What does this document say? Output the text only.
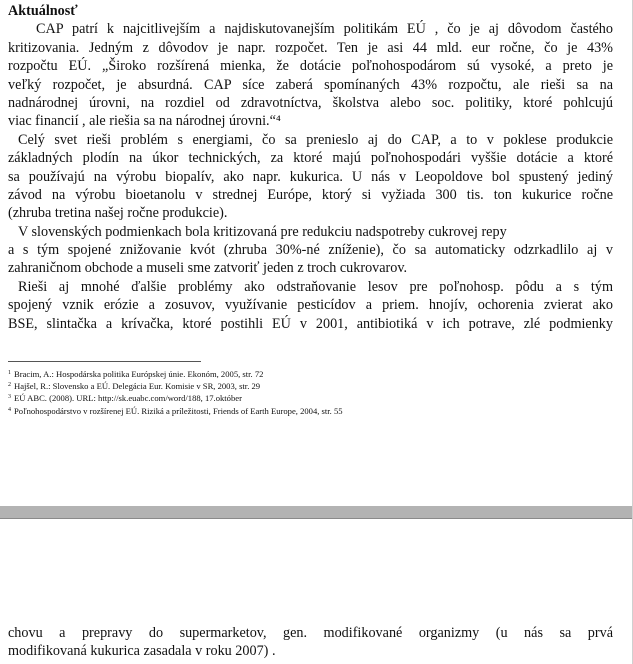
Aktuálnosť
CAP patrí k najcitlivejším a najdiskutovanejším politikám EÚ , čo je aj dôvodom častého
kritizovania. Jedným z dôvodov je napr. rozpočet. Ten je asi 44 mld. eur ročne, čo je 43%
rozpočtu EÚ. „Široko rozšírená mienka, že dotácie poľnohospodárom sú vysoké, a preto je
veľký rozpočet, je absurdná. CAP síce zaberá spomínaných 43% rozpočtu, ale rieši sa na
nadnárodnej úrovni, na rozdiel od zdravotníctva, školstva alebo soc. politiky, ktoré pohlcujú
viac financií , ale riešia sa na národnej úrovni.“⁴
Celý svet rieši problém s energiami, čo sa prenieslo aj do CAP, a to v poklese produkcie
základných plodín na úkor technických, za ktoré majú poľnohospodári vyššie dotácie a ktoré
sa používajú na výrobu biopalív, ako napr. kukurica. U nás v Leopoldove bol spustený jediný
závod na výrobu bioetanolu v strednej Európe, ktorý si vyžiada 300 tis. ton kukurice ročne
(zhruba tretina našej ročne produkcie).
V slovenských podmienkach bola kritizovaná pre redukciu nadspotreby cukrovej repy
a s tým spojené znižovanie kvót (zhruba 30%-né zníženie), čo sa automaticky odzrkadlilo aj v
zahraničnom obchode a museli sme zatvoriť jeden z troch cukrovarov.
Rieši aj mnohé ďalšie problémy ako odstraňovanie lesov pre poľnohosp. pôdu a s tým
spojený vznik erózie a zosuvov, využívanie pesticídov a priem. hnojív, ochorenia zvierat ako
BSE, slintačka a krívačka, ktoré postihli EÚ v 2001, antibiotiká v ich potrave, zlé podmienky
$^1$ Bracim, A.: Hospodárska politika Európskej únie. Ekonóm, 2005, str. 72
$^2$ Hajšel, R.: Slovensko a EÚ. Delegácia Eur. Komisie v SR, 2003, str. 29
$^3$ EÚ ABC. (2008). URL: http://sk.euabc.com/word/188, 17.október
$^4$ Poľnohospodárstvo v rozšírenej EÚ. Riziká a príležitosti, Friends of Earth Europe, 2004, str. 55
chovu a prepravy do supermarketov, gen. modifikované organizmy (u nás sa prvá
modifikovaná kukurica zasadala v roku 2007) .
